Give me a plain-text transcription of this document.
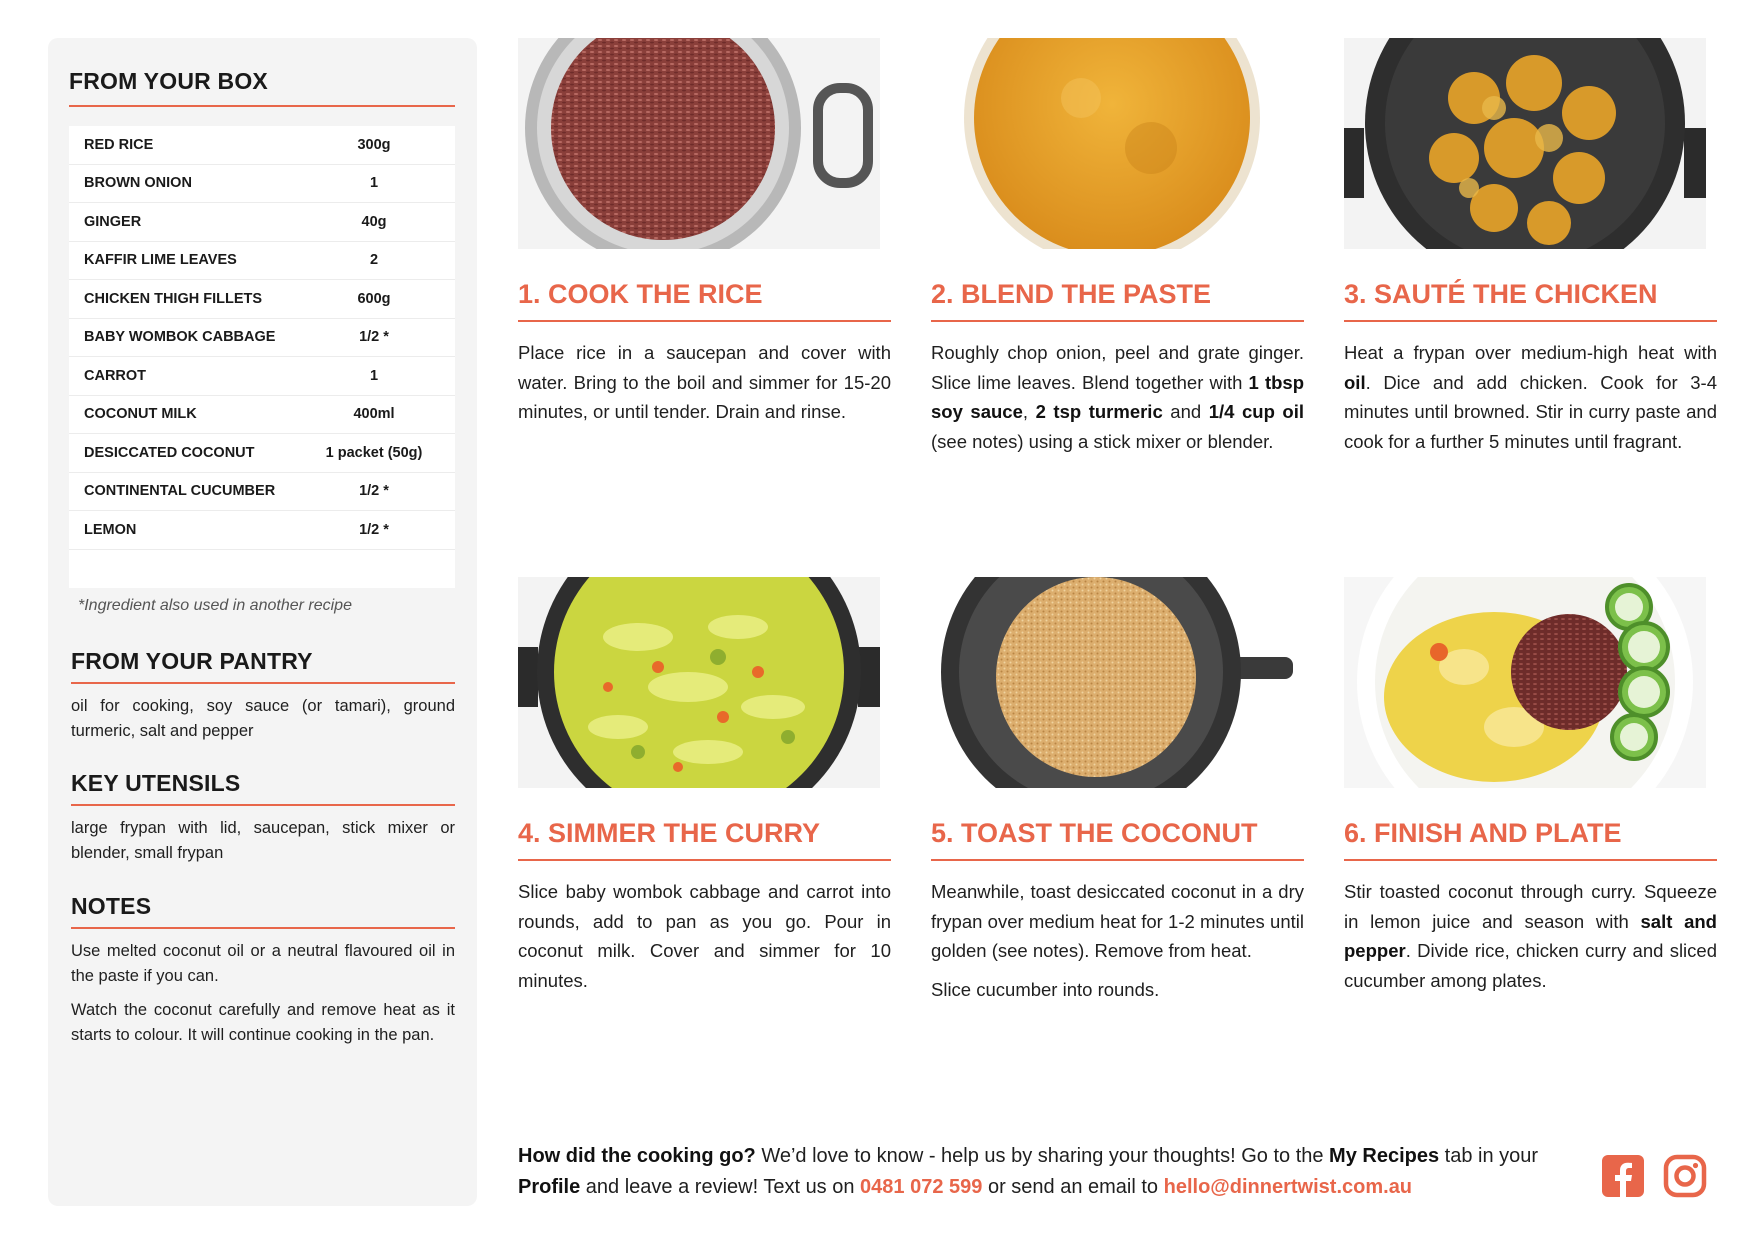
FROM YOUR BOX
RED RICE	300g
BROWN ONION	1
GINGER	40g
KAFFIR LIME LEAVES	2
CHICKEN THIGH FILLETS	600g
BABY WOMBOK CABBAGE	1/2 *
CARROT	1
COCONUT MILK	400ml
DESICCATED COCONUT	1 packet (50g)
CONTINENTAL CUCUMBER	1/2 *
LEMON	1/2 *
*Ingredient also used in another recipe
FROM YOUR PANTRY

oil for cooking, soy sauce (or tamari), ground turmeric, salt and pepper

KEY UTENSILS

large frypan with lid, saucepan, stick mixer or blender, small frypan

NOTES

Use melted coconut oil or a neutral flavoured oil in the paste if you can.

Watch the coconut carefully and remove heat as it starts to colour. It will continue cooking in the pan.

1. COOK THE RICE

Place rice in a saucepan and cover with water. Bring to the boil and simmer for 15-20 minutes, or until tender. Drain and rinse.

2. BLEND THE PASTE

Roughly chop onion, peel and grate ginger. Slice lime leaves. Blend together with 1 tbsp soy sauce, 2 tsp turmeric and 1/4 cup oil (see notes) using a stick mixer or blender.

3. SAUTÉ THE CHICKEN

Heat a frypan over medium-high heat with oil. Dice and add chicken. Cook for 3-4 minutes until browned. Stir in curry paste and cook for a further 5 minutes until fragrant.

4. SIMMER THE CURRY

Slice baby wombok cabbage and carrot into rounds, add to pan as you go. Pour in coconut milk. Cover and simmer for 10 minutes.

5. TOAST THE COCONUT

Meanwhile, toast desiccated coconut in a dry frypan over medium heat for 1-2 minutes until golden (see notes). Remove from heat.

Slice cucumber into rounds.

6. FINISH AND PLATE

Stir toasted coconut through curry. Squeeze in lemon juice and season with salt and pepper. Divide rice, chicken curry and sliced cucumber among plates.

How did the cooking go? We’d love to know - help us by sharing your thoughts! Go to the My Recipes tab in your Profile and leave a review! Text us on 0481 072 599 or send an email to hello@dinnertwist.com.au
